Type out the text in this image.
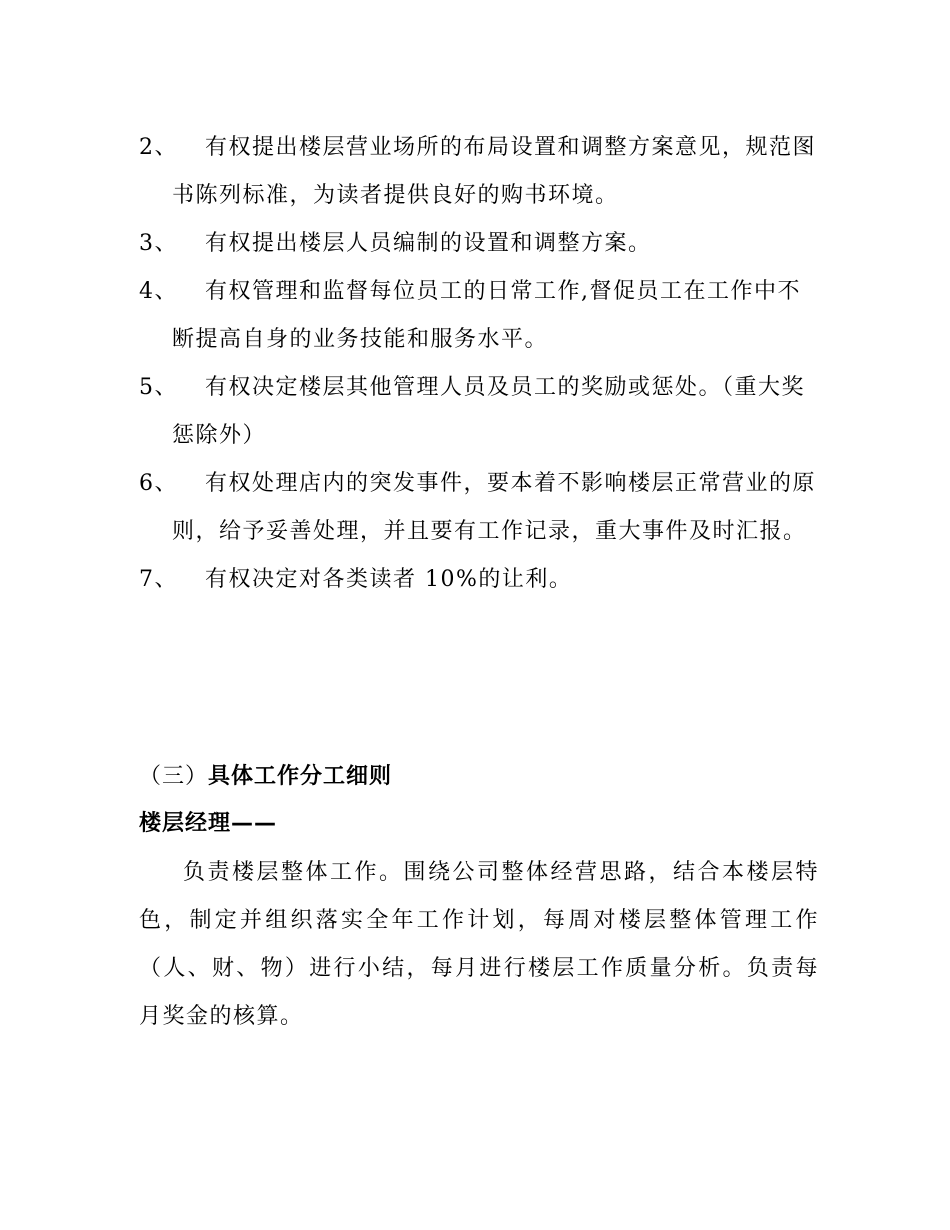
2、	有权提出楼层营业场所的布局设置和调整方案意见，规范图书陈列标准，为读者提供良好的购书环境。
3、	有权提出楼层人员编制的设置和调整方案。
4、	有权管理和监督每位员工的日常工作,督促员工在工作中不断提高自身的业务技能和服务水平。
5、	有权决定楼层其他管理人员及员工的奖励或惩处。（重大奖惩除外）
6、	有权处理店内的突发事件，要本着不影响楼层正常营业的原则，给予妥善处理，并且要有工作记录，重大事件及时汇报。
7、	有权决定对各类读者 10%的让利。
（三）具体工作分工细则
楼层经理——

负责楼层整体工作。围绕公司整体经营思路，结合本楼层特色，制定并组织落实全年工作计划，每周对楼层整体管理工作（人、财、物）进行小结，每月进行楼层工作质量分析。负责每月奖金的核算。
